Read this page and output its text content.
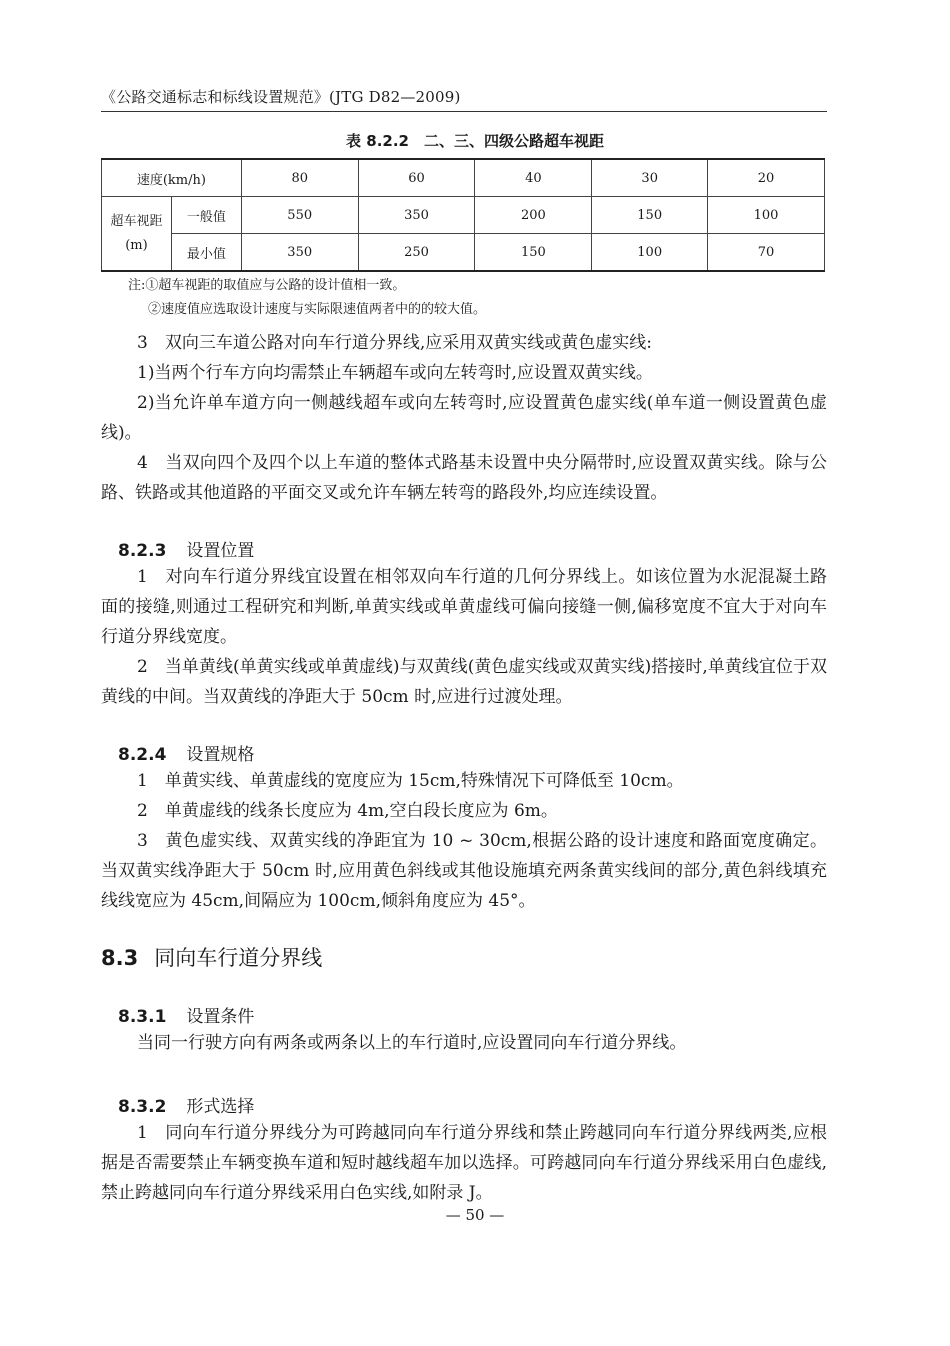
《公路交通标志和标线设置规范》(JTG D82—2009)
表 8.2.2　二、三、四级公路超车视距
速度(km/h)		80	60	40	30	20

超车视距
(m)	一般值	550	350	200	150	100
	最小值	350	250	150	100	70
注:①超车视距的取值应与公路的设计值相一致。
②速度值应选取设计速度与实际限速值两者中的的较大值。

3　双向三车道公路对向车行道分界线,应采用双黄实线或黄色虚实线:

1)当两个行车方向均需禁止车辆超车或向左转弯时,应设置双黄实线。

2)当允许单车道方向一侧越线超车或向左转弯时,应设置黄色虚实线(单车道一侧设置黄色虚线)。

4　当双向四个及四个以上车道的整体式路基未设置中央分隔带时,应设置双黄实线。除与公路、铁路或其他道路的平面交叉或允许车辆左转弯的路段外,均应连续设置。

8.2.3 设置位置

1　对向车行道分界线宜设置在相邻双向车行道的几何分界线上。如该位置为水泥混凝土路面的接缝,则通过工程研究和判断,单黄实线或单黄虚线可偏向接缝一侧,偏移宽度不宜大于对向车行道分界线宽度。

2　当单黄线(单黄实线或单黄虚线)与双黄线(黄色虚实线或双黄实线)搭接时,单黄线宜位于双黄线的中间。当双黄线的净距大于 50cm 时,应进行过渡处理。

8.2.4 设置规格

1　单黄实线、单黄虚线的宽度应为 15cm,特殊情况下可降低至 10cm。

2　单黄虚线的线条长度应为 4m,空白段长度应为 6m。

3　黄色虚实线、双黄实线的净距宜为 10 ~ 30cm,根据公路的设计速度和路面宽度确定。当双黄实线净距大于 50cm 时,应用黄色斜线或其他设施填充两条黄实线间的部分,黄色斜线填充线线宽应为 45cm,间隔应为 100cm,倾斜角度应为 45°。

8.3 同向车行道分界线
8.3.1 设置条件

当同一行驶方向有两条或两条以上的车行道时,应设置同向车行道分界线。

8.3.2 形式选择

1　同向车行道分界线分为可跨越同向车行道分界线和禁止跨越同向车行道分界线两类,应根据是否需要禁止车辆变换车道和短时越线超车加以选择。可跨越同向车行道分界线采用白色虚线,禁止跨越同向车行道分界线采用白色实线,如附录 J。

— 50 —
